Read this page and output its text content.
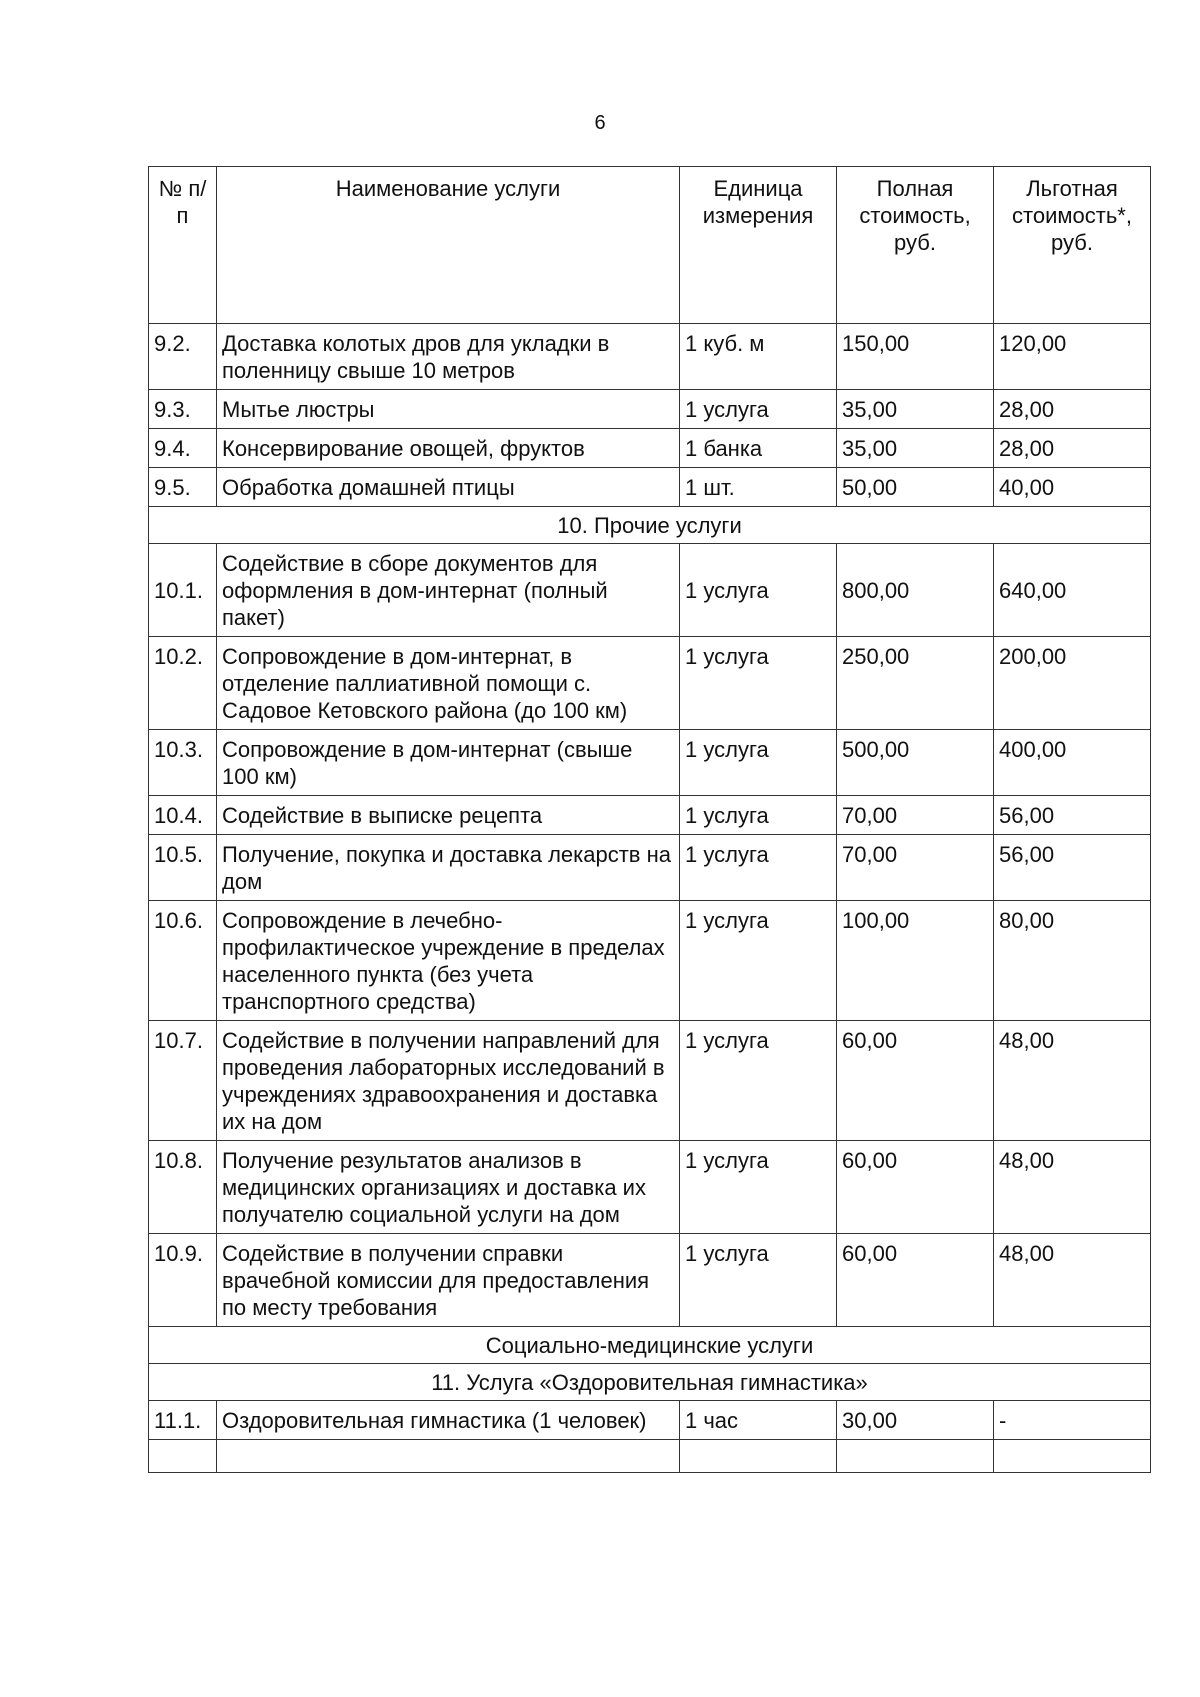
6
№ п/п	Наименование услуги	Единица измерения	Полная стоимость, руб.	Льготная стоимость*, руб.
9.2.	Доставка колотых дров для укладки в поленницу свыше 10 метров	1 куб. м	150,00	120,00
9.3.	Мытье люстры	1 услуга	35,00	28,00
9.4.	Консервирование овощей, фруктов	1 банка	35,00	28,00
9.5.	Обработка домашней птицы	1 шт.	50,00	40,00
10. Прочие услуги				
10.1.	Содействие в сборе документов для оформления в дом-интернат (полный пакет)	1 услуга	800,00	640,00
10.2.	Сопровождение в дом-интернат, в отделение паллиативной помощи с. Садовое Кетовского района (до 100 км)	1 услуга	250,00	200,00
10.3.	Сопровождение в дом-интернат (свыше 100 км)	1 услуга	500,00	400,00
10.4.	Содействие в выписке рецепта	1 услуга	70,00	56,00
10.5.	Получение, покупка и доставка лекарств на дом	1 услуга	70,00	56,00
10.6.	Сопровождение в лечебно-профилактическое учреждение в пределах населенного пункта (без учета транспортного средства)	1 услуга	100,00	80,00
10.7.	Содействие в получении направлений для проведения лабораторных исследований в учреждениях здравоохранения и доставка их на дом	1 услуга	60,00	48,00
10.8.	Получение результатов анализов в медицинских организациях и доставка их получателю социальной услуги на дом	1 услуга	60,00	48,00
10.9.	Содействие в получении справки врачебной комиссии для предоставления по месту требования	1 услуга	60,00	48,00
Социально-медицинские услуги				
11. Услуга «Оздоровительная гимнастика»				
11.1.	Оздоровительная гимнастика (1 человек)	1 час	30,00	-
